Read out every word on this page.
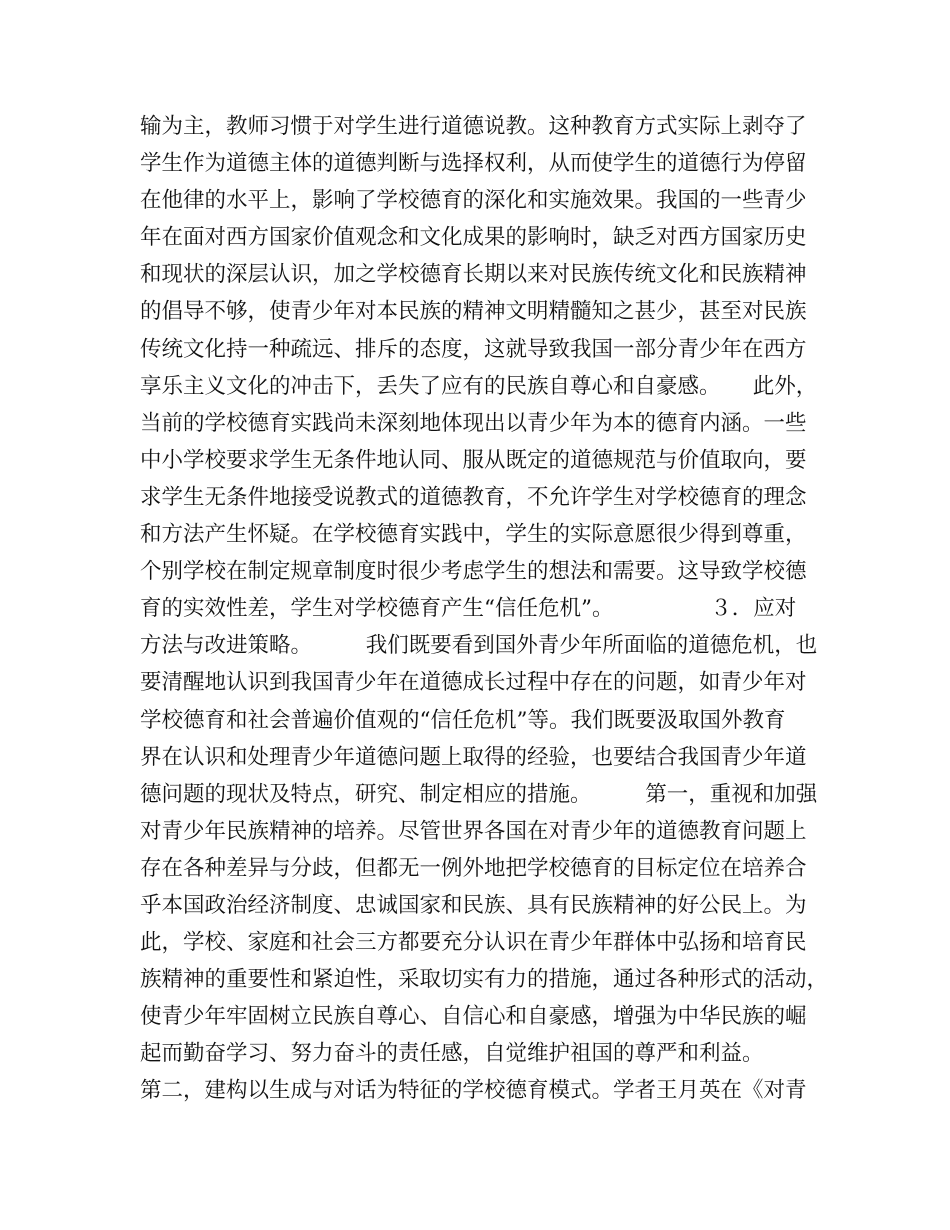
输为主，教师习惯于对学生进行道德说教。这种教育方式实际上剥夺了
学生作为道德主体的道德判断与选择权利，从而使学生的道德行为停留
在他律的水平上，影响了学校德育的深化和实施效果。我国的一些青少
年在面对西方国家价值观念和文化成果的影响时，缺乏对西方国家历史
和现状的深层认识，加之学校德育长期以来对民族传统文化和民族精神
的倡导不够，使青少年对本民族的精神文明精髓知之甚少，甚至对民族
传统文化持一种疏远、排斥的态度，这就导致我国一部分青少年在西方
享乐主义文化的冲击下，丢失了应有的民族自尊心和自豪感。　　此外，
当前的学校德育实践尚未深刻地体现出以青少年为本的德育内涵。一些
中小学校要求学生无条件地认同、服从既定的道德规范与价值取向，要
求学生无条件地接受说教式的道德教育，不允许学生对学校德育的理念
和方法产生怀疑。在学校德育实践中，学生的实际意愿很少得到尊重，
个别学校在制定规章制度时很少考虑学生的想法和需要。这导致学校德
育的实效性差，学生对学校德育产生“信任危机”。　　　　　３．应对
方法与改进策略。　　　我们既要看到国外青少年所面临的道德危机，也
要清醒地认识到我国青少年在道德成长过程中存在的问题，如青少年对
学校德育和社会普遍价值观的“信任危机”等。我们既要汲取国外教育
界在认识和处理青少年道德问题上取得的经验，也要结合我国青少年道
德问题的现状及特点，研究、制定相应的措施。　　　第一，重视和加强
对青少年民族精神的培养。尽管世界各国在对青少年的道德教育问题上
存在各种差异与分歧，但都无一例外地把学校德育的目标定位在培养合
乎本国政治经济制度、忠诚国家和民族、具有民族精神的好公民上。为
此，学校、家庭和社会三方都要充分认识在青少年群体中弘扬和培育民
族精神的重要性和紧迫性，采取切实有力的措施，通过各种形式的活动，
使青少年牢固树立民族自尊心、自信心和自豪感，增强为中华民族的崛
起而勤奋学习、努力奋斗的责任感，自觉维护祖国的尊严和利益。
第二，建构以生成与对话为特征的学校德育模式。学者王月英在《对青
